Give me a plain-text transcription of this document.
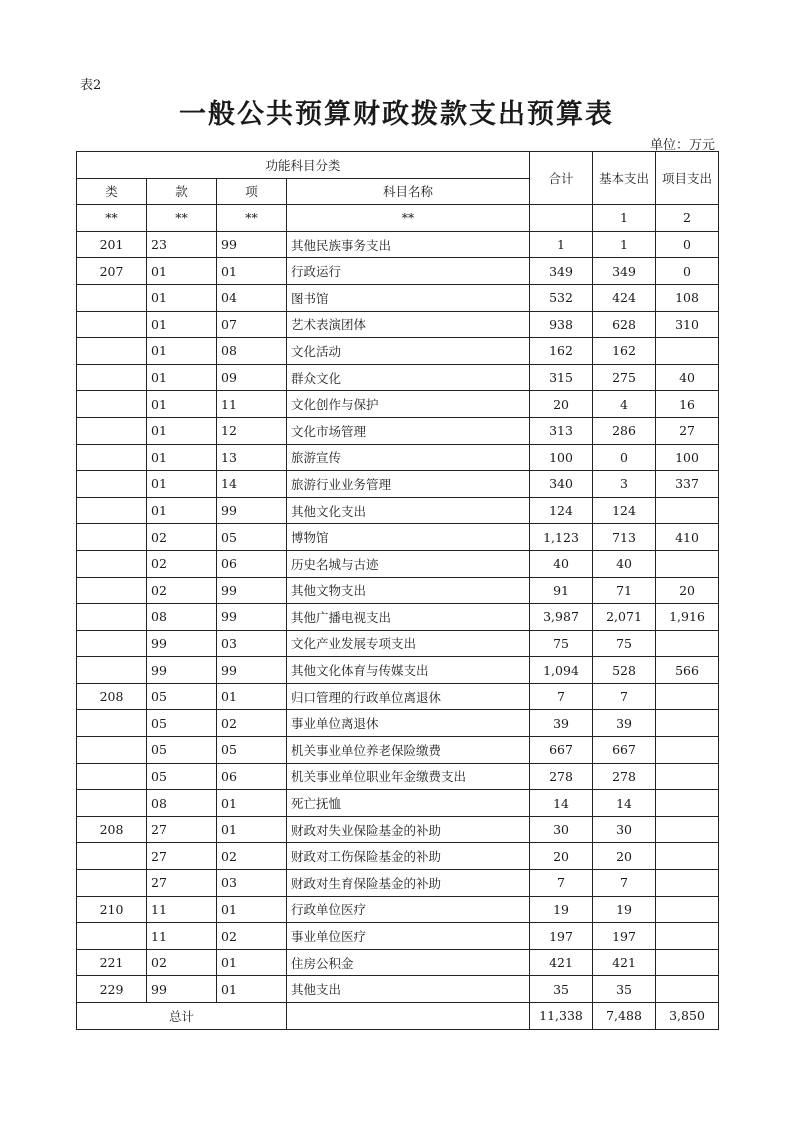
表2
一般公共预算财政拨款支出预算表
单位：万元
功能科目分类				合计	基本支出	项目支出
类	款	项	科目名称			
**	**	**	**		1	2
201	23	99	其他民族事务支出	1	1	0
207	01	01	行政运行	349	349	0
	01	04	图书馆	532	424	108
	01	07	艺术表演团体	938	628	310
	01	08	文化活动	162	162	
	01	09	群众文化	315	275	40
	01	11	文化创作与保护	20	4	16
	01	12	文化市场管理	313	286	27
	01	13	旅游宣传	100	0	100
	01	14	旅游行业业务管理	340	3	337
	01	99	其他文化支出	124	124	
	02	05	博物馆	1,123	713	410
	02	06	历史名城与古迹	40	40	
	02	99	其他文物支出	91	71	20
	08	99	其他广播电视支出	3,987	2,071	1,916
	99	03	文化产业发展专项支出	75	75	
	99	99	其他文化体育与传媒支出	1,094	528	566
208	05	01	归口管理的行政单位离退休	7	7	
	05	02	事业单位离退休	39	39	
	05	05	机关事业单位养老保险缴费	667	667	
	05	06	机关事业单位职业年金缴费支出	278	278	
	08	01	死亡抚恤	14	14	
208	27	01	财政对失业保险基金的补助	30	30	
	27	02	财政对工伤保险基金的补助	20	20	
	27	03	财政对生育保险基金的补助	7	7	
210	11	01	行政单位医疗	19	19	
	11	02	事业单位医疗	197	197	
221	02	01	住房公积金	421	421	
229	99	01	其他支出	35	35	
总计				11,338	7,488	3,850
